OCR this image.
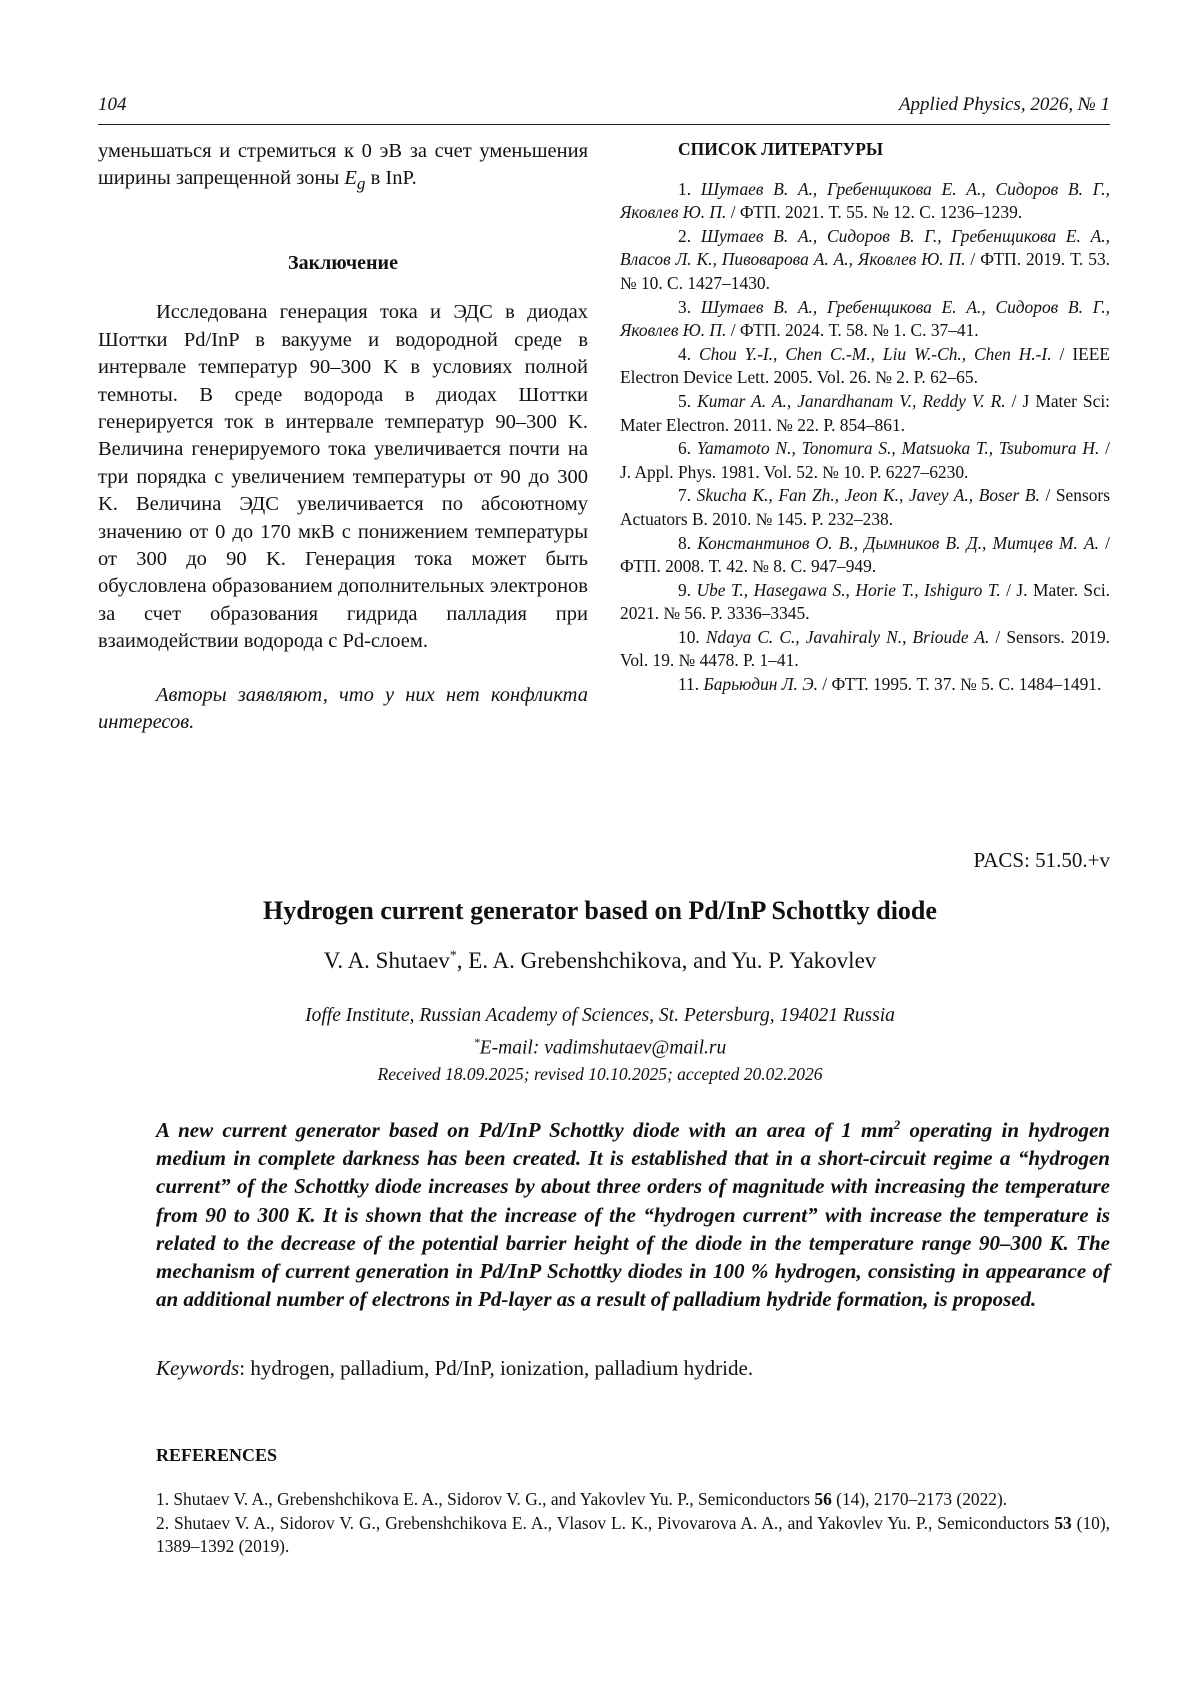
104	Applied Physics, 2026, № 1

уменьшаться и стремиться к 0 эВ за счет уменьшения ширины запрещенной зоны $E_g$ в InP.

Заключение

Исследована генерация тока и ЭДС в диодах Шоттки Pd/InP в вакууме и водородной среде в интервале температур 90–300 K в условиях полной темноты. В среде водорода в диодах Шоттки генерируется ток в интервале температур 90–300 K. Величина генерируемого тока увеличивается почти на три порядка с увеличением температуры от 90 до 300 K. Величина ЭДС увеличивается по абсоютному значению от 0 до 170 мкВ с понижением температуры от 300 до 90 K. Генерация тока может быть обусловлена образованием дополнительных электронов за счет образования гидрида палладия при взаимодействии водорода с Pd-слоем.

Авторы заявляют, что у них нет конфликта интересов.

СПИСОК ЛИТЕРАТУРЫ
1. Шутаев В. А., Гребенщикова Е. А., Сидоров В. Г., Яковлев Ю. П. / ФТП. 2021. Т. 55. № 12. С. 1236–1239.
2. Шутаев В. А., Сидоров В. Г., Гребенщикова Е. А., Власов Л. К., Пивоварова А. А., Яковлев Ю. П. / ФТП. 2019. Т. 53. № 10. С. 1427–1430.
3. Шутаев В. А., Гребенщикова Е. А., Сидоров В. Г., Яковлев Ю. П. / ФТП. 2024. Т. 58. № 1. С. 37–41.
4. Chou Y.-I., Chen C.-M., Liu W.-Ch., Chen H.-I. / IEEE Electron Device Lett. 2005. Vol. 26. № 2. P. 62–65.
5. Kumar A. A., Janardhanam V., Reddy V. R. / J Mater Sci: Mater Electron. 2011. № 22. P. 854–861.
6. Yamamoto N., Tonomura S., Matsuoka T., Tsubomura H. / J. Appl. Phys. 1981. Vol. 52. № 10. P. 6227–6230.
7. Skucha K., Fan Zh., Jeon K., Javey A., Boser B. / Sensors Actuators B. 2010. № 145. P. 232–238.
8. Константинов О. В., Дымников В. Д., Митцев М. А. / ФТП. 2008. Т. 42. № 8. С. 947–949.
9. Ube T., Hasegawa S., Horie T., Ishiguro T. / J. Mater. Sci. 2021. № 56. P. 3336–3345.
10. Ndaya C. C., Javahiraly N., Brioude A. / Sensors. 2019. Vol. 19. № 4478. P. 1–41.
11. Барьюдин Л. Э. / ФТТ. 1995. Т. 37. № 5. С. 1484–1491.
PACS: 51.50.+v
Hydrogen current generator based on Pd/InP Schottky diode
V. A. Shutaev*, E. A. Grebenshchikova, and Yu. P. Yakovlev
Ioffe Institute, Russian Academy of Sciences, St. Petersburg, 194021 Russia
*E-mail: vadimshutaev@mail.ru
Received 18.09.2025; revised 10.10.2025; accepted 20.02.2026

A new current generator based on Pd/InP Schottky diode with an area of 1 $mm^2$ operating in hydrogen medium in complete darkness has been created. It is established that in a short-circuit regime a “hydrogen current” of the Schottky diode increases by about three orders of magnitude with increasing the temperature from 90 to 300 K. It is shown that the increase of the “hydrogen current” with increase the temperature is related to the decrease of the potential barrier height of the diode in the temperature range 90–300 K. The mechanism of current generation in Pd/InP Schottky diodes in 100 % hydrogen, consisting in appearance of an additional number of electrons in Pd-layer as a result of palladium hydride formation, is proposed.

Keywords: hydrogen, palladium, Pd/InP, ionization, palladium hydride.

REFERENCES
1. Shutaev V. A., Grebenshchikova E. A., Sidorov V. G., and Yakovlev Yu. P., Semiconductors 56 (14), 2170–2173 (2022).
2. Shutaev V. A., Sidorov V. G., Grebenshchikova E. A., Vlasov L. K., Pivovarova A. A., and Yakovlev Yu. P., Semiconductors 53 (10), 1389–1392 (2019).
